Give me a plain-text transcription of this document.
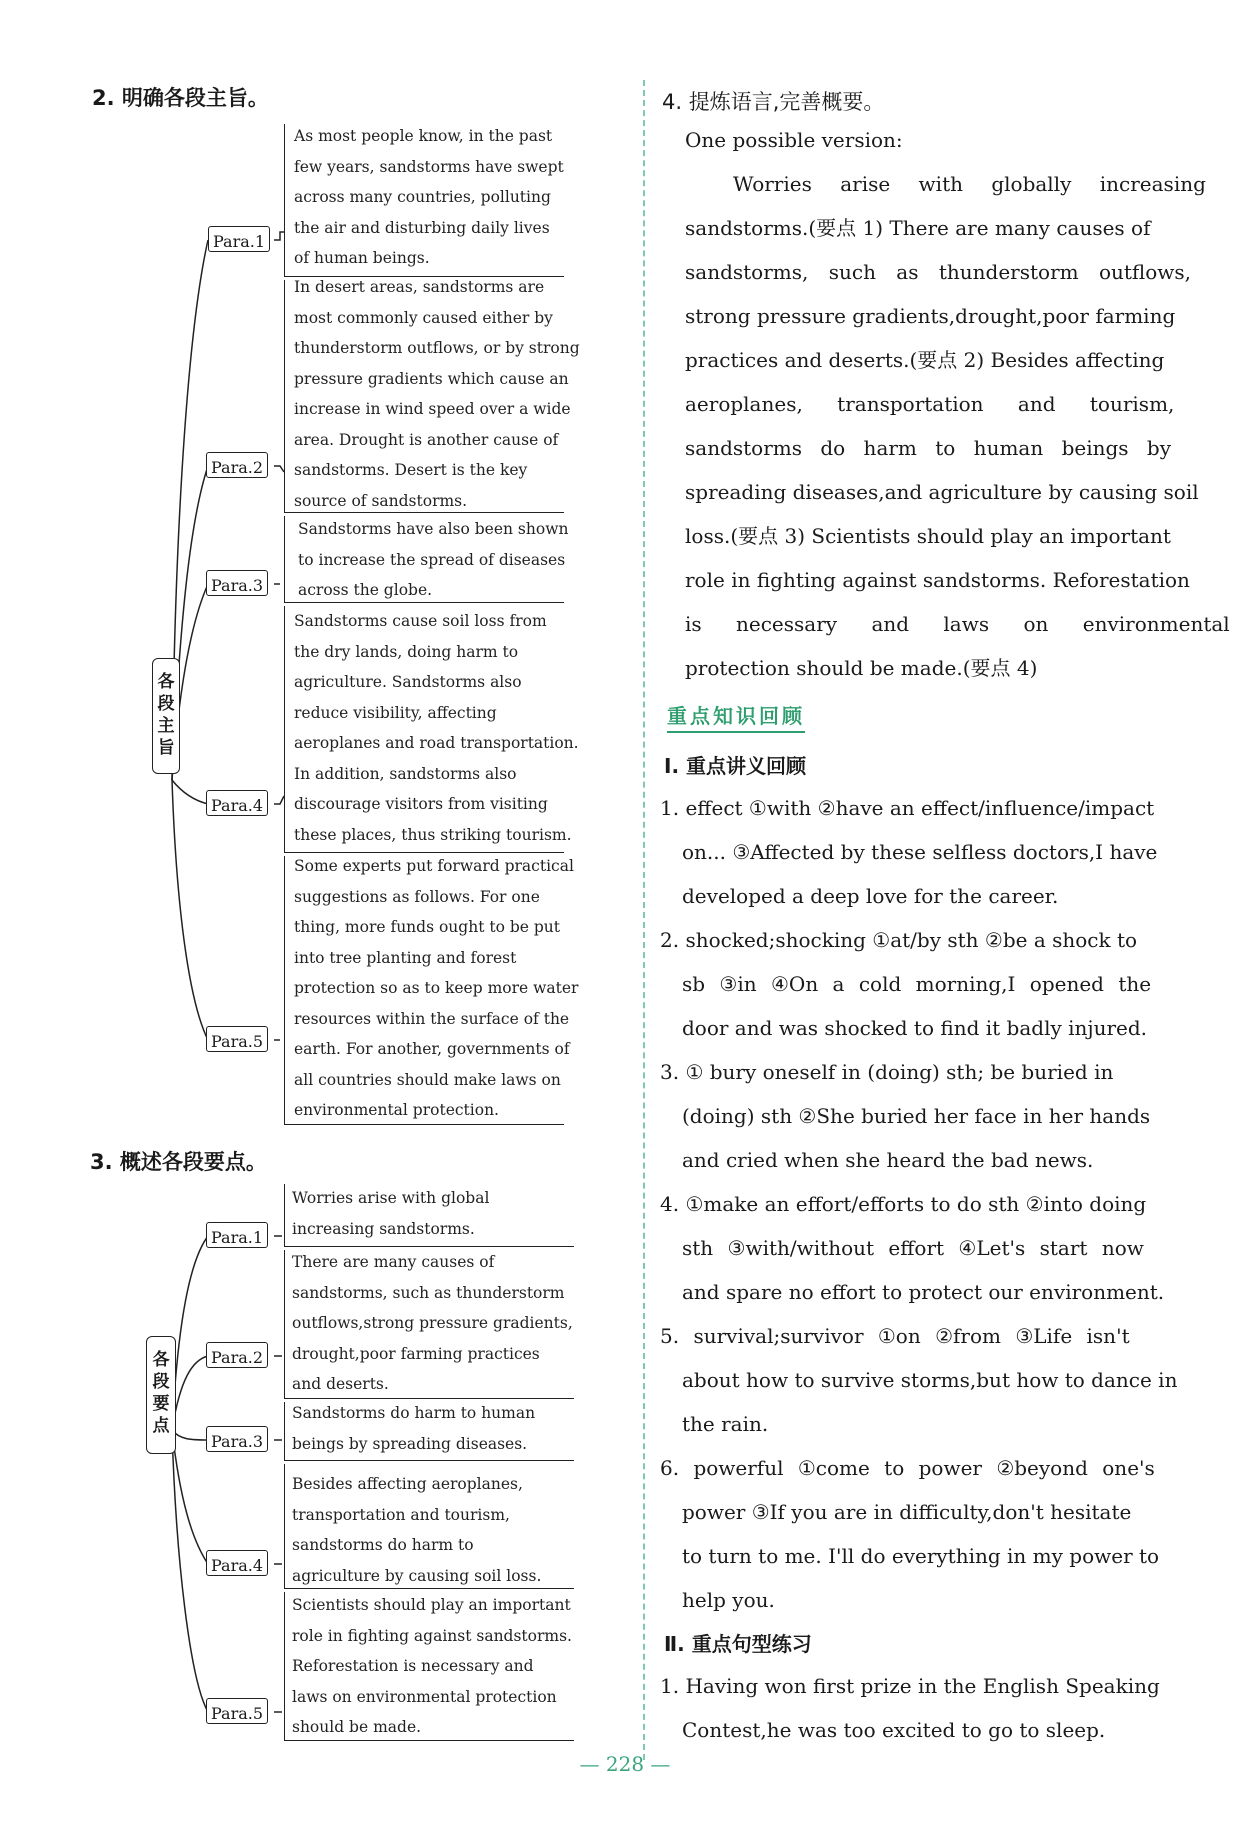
2. 明确各段主旨。
各段主旨
Para.1
As most people know, in the past
few years, sandstorms have swept
across many countries, polluting
the air and disturbing daily lives
of human beings.
Para.2
In desert areas, sandstorms are
most commonly caused either by
thunderstorm outflows, or by strong
pressure gradients which cause an
increase in wind speed over a wide
area. Drought is another cause of
sandstorms. Desert is the key
source of sandstorms.
Para.3
Sandstorms have also been shown
to increase the spread of diseases
across the globe.
Para.4
Sandstorms cause soil loss from
the dry lands, doing harm to
agriculture. Sandstorms also
reduce visibility, affecting
aeroplanes and road transportation.
In addition, sandstorms also
discourage visitors from visiting
these places, thus striking tourism.
Para.5
Some experts put forward practical
suggestions as follows. For one
thing, more funds ought to be put
into tree planting and forest
protection so as to keep more water
resources within the surface of the
earth. For another, governments of
all countries should make laws on
environmental protection.
3. 概述各段要点。
各段要点
Para.1
Worries arise with global
increasing sandstorms.
Para.2
There are many causes of
sandstorms, such as thunderstorm
outflows,strong pressure gradients,
drought,poor farming practices
and deserts.
Para.3
Sandstorms do harm to human
beings by spreading diseases.
Para.4
Besides affecting aeroplanes,
transportation and tourism,
sandstorms do harm to
agriculture by causing soil loss.
Para.5
Scientists should play an important
role in fighting against sandstorms.
Reforestation is necessary and
laws on environmental protection
should be made.
4. 提炼语言,完善概要。
One possible version:
Worries arise with globally increasing
sandstorms.(要点 1) There are many causes of
sandstorms, such as thunderstorm outflows,
strong pressure gradients,drought,poor farming
practices and deserts.(要点 2) Besides affecting
aeroplanes, transportation and tourism,
sandstorms do harm to human beings by
spreading diseases,and agriculture by causing soil
loss.(要点 3) Scientists should play an important
role in fighting against sandstorms. Reforestation
is necessary and laws on environmental
protection should be made.(要点 4)
重点知识回顾
Ⅰ. 重点讲义回顾
1. effect ①with ②have an effect/influence/impact
on... ③Affected by these selfless doctors,I have
developed a deep love for the career.
2. shocked;shocking ①at/by sth ②be a shock to
sb ③in ④On a cold morning,I opened the
door and was shocked to find it badly injured.
3. ① bury oneself in (doing) sth; be buried in
(doing) sth ②She buried her face in her hands
and cried when she heard the bad news.
4. ①make an effort/efforts to do sth ②into doing
sth ③with/without effort ④Let's start now
and spare no effort to protect our environment.
5. survival;survivor ①on ②from ③Life isn't
about how to survive storms,but how to dance in
the rain.
6. powerful ①come to power ②beyond one's
power ③If you are in difficulty,don't hesitate
to turn to me. I'll do everything in my power to
help you.
Ⅱ. 重点句型练习
1. Having won first prize in the English Speaking
Contest,he was too excited to go to sleep.
— 228 —
